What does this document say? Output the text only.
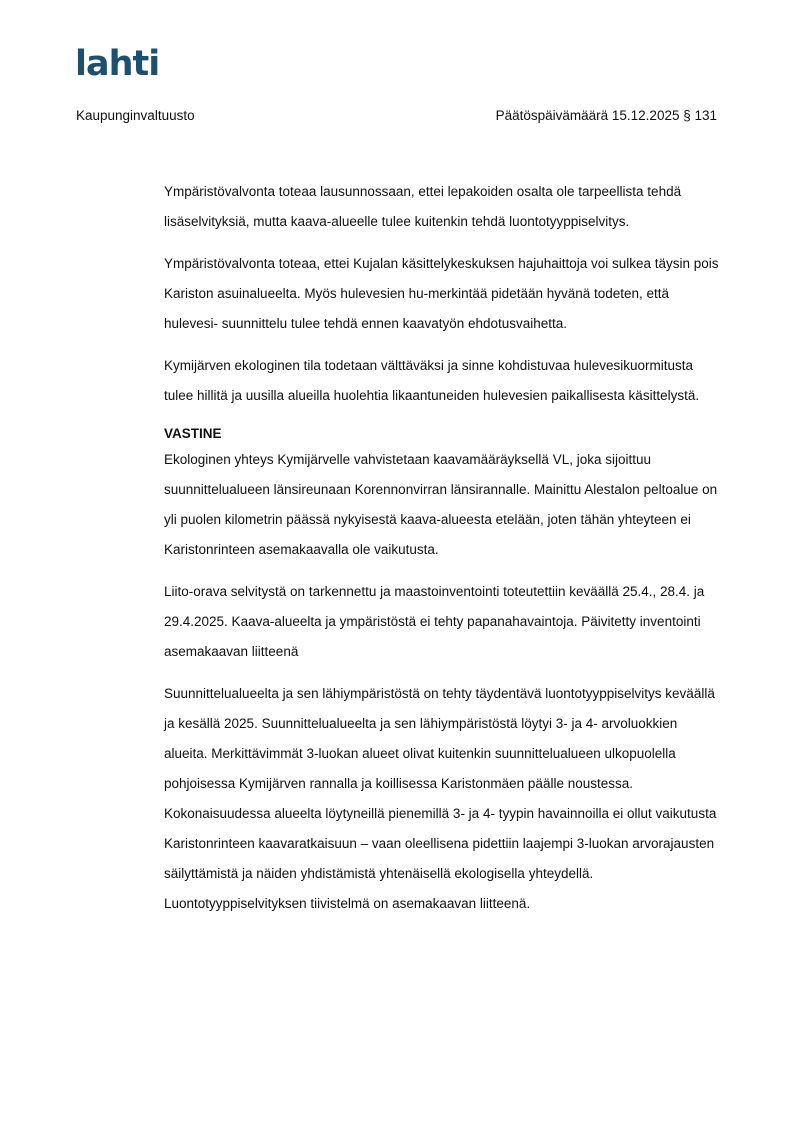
lahti
Kaupunginvaltuusto	Päätöspäivämäärä 15.12.2025 § 131

Ympäristövalvonta toteaa lausunnossaan, ettei lepakoiden osalta ole tarpeellista tehdä lisäselvityksiä, mutta kaava-alueelle tulee kuitenkin tehdä luontotyyppiselvitys.

Ympäristövalvonta toteaa, ettei Kujalan käsittelykeskuksen hajuhaittoja voi sulkea täysin pois Kariston asuinalueelta. Myös hulevesien hu-merkintää pidetään hyvänä todeten, että hulevesi- suunnittelu tulee tehdä ennen kaavatyön ehdotusvaihetta.

Kymijärven ekologinen tila todetaan välttäväksi ja sinne kohdistuvaa hulevesikuormitusta tulee hillitä ja uusilla alueilla huolehtia likaantuneiden hulevesien paikallisesta käsittelystä.

VASTINE

Ekologinen yhteys Kymijärvelle vahvistetaan kaavamääräyksellä VL, joka sijoittuu suunnittelualueen länsireunaan Korennonvirran länsirannalle. Mainittu Alestalon peltoalue on yli puolen kilometrin päässä nykyisestä kaava-alueesta etelään, joten tähän yhteyteen ei Karistonrinteen asemakaavalla ole vaikutusta.

Liito-orava selvitystä on tarkennettu ja maastoinventointi toteutettiin keväällä 25.4., 28.4. ja 29.4.2025. Kaava-alueelta ja ympäristöstä ei tehty papanahavaintoja. Päivitetty inventointi asemakaavan liitteenä

Suunnittelualueelta ja sen lähiympäristöstä on tehty täydentävä luontotyyppiselvitys keväällä ja kesällä 2025. Suunnittelualueelta ja sen lähiympäristöstä löytyi 3- ja 4- arvoluokkien alueita. Merkittävimmät 3-luokan alueet olivat kuitenkin suunnittelualueen ulkopuolella pohjoisessa Kymijärven rannalla ja koillisessa Karistonmäen päälle noustessa. Kokonaisuudessa alueelta löytyneillä pienemillä 3- ja 4- tyypin havainnoilla ei ollut vaikutusta Karistonrinteen kaavaratkaisuun – vaan oleellisena pidettiin laajempi 3-luokan arvorajausten säilyttämistä ja näiden yhdistämistä yhtenäisellä ekologisella yhteydellä. Luontotyyppiselvityksen tiivistelmä on asemakaavan liitteenä.
